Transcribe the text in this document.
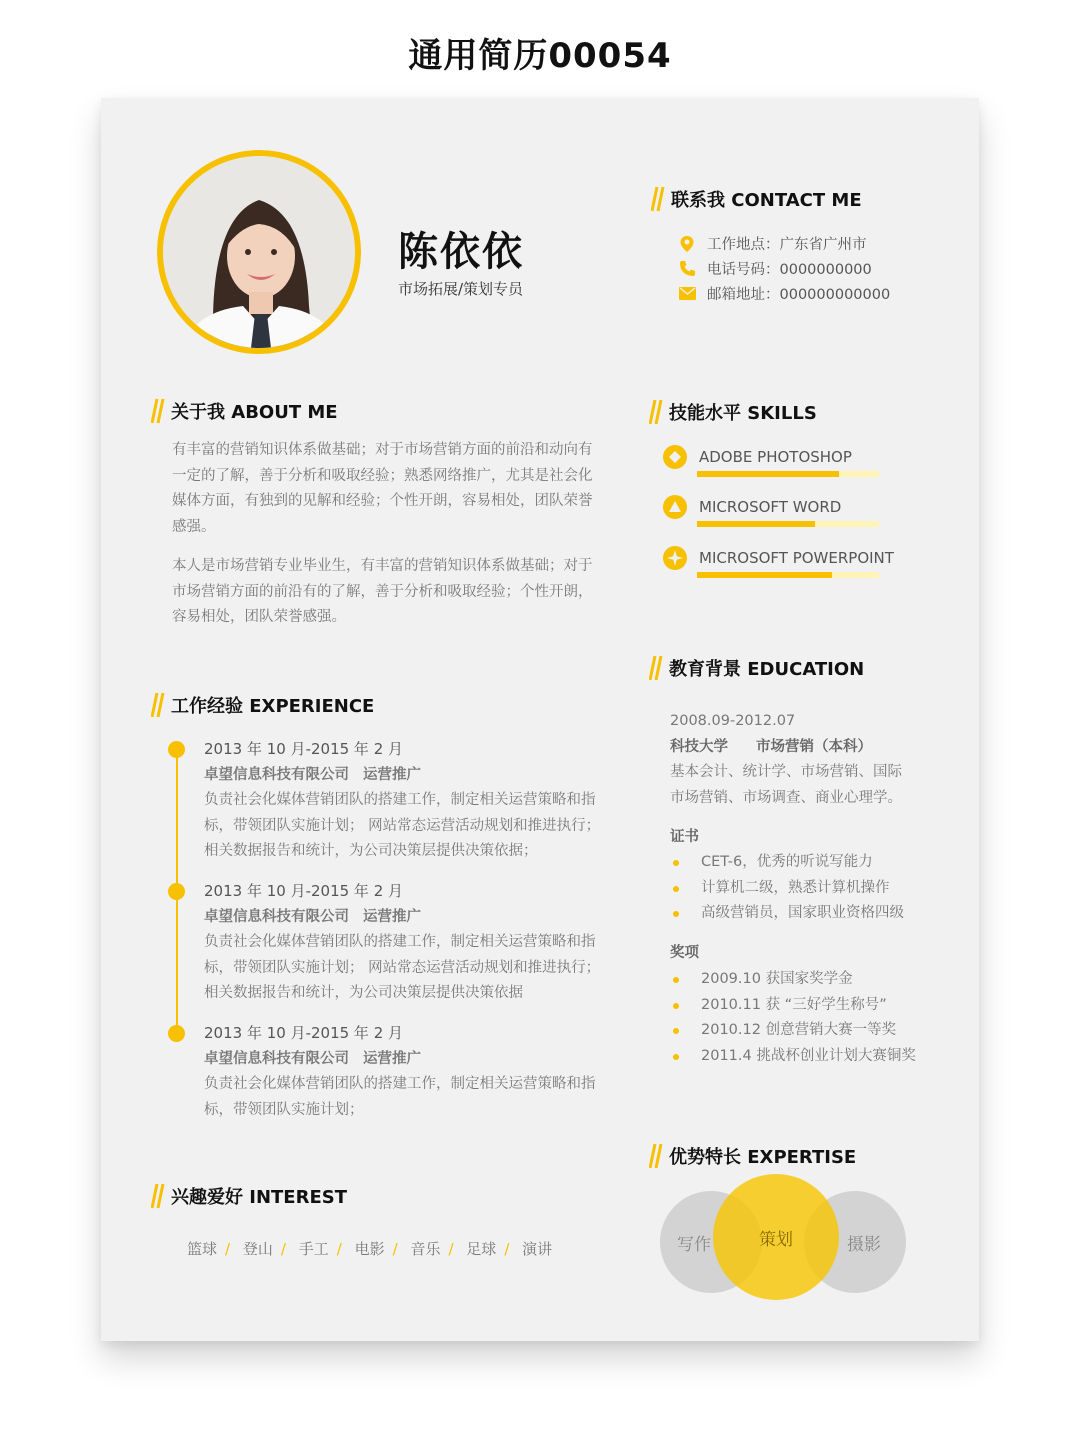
通用简历00054
陈依依
市场拓展/策划专员
联系我 CONTACT ME
工作地点：广东省广州市
电话号码：0000000000
邮箱地址：000000000000
关于我 ABOUT ME

有丰富的营销知识体系做基础；对于市场营销方面的前沿和动向有一定的了解，善于分析和吸取经验；熟悉网络推广，尤其是社会化媒体方面，有独到的见解和经验；个性开朗，容易相处，团队荣誉感强。

本人是市场营销专业毕业生，有丰富的营销知识体系做基础；对于市场营销方面的前沿有的了解，善于分析和吸取经验；个性开朗，容易相处，团队荣誉感强。

技能水平 SKILLS
ADOBE PHOTOSHOP
MICROSOFT WORD
MICROSOFT POWERPOINT
工作经验 EXPERIENCE
2013 年 10 月-2015 年 2 月
卓望信息科技有限公司 运营推广
负责社会化媒体营销团队的搭建工作，制定相关运营策略和指
标，带领团队实施计划； 网站常态运营活动规划和推进执行；
相关数据报告和统计，为公司决策层提供决策依据；
2013 年 10 月-2015 年 2 月
卓望信息科技有限公司 运营推广
负责社会化媒体营销团队的搭建工作，制定相关运营策略和指
标，带领团队实施计划； 网站常态运营活动规划和推进执行；
相关数据报告和统计，为公司决策层提供决策依据
2013 年 10 月-2015 年 2 月
卓望信息科技有限公司 运营推广
负责社会化媒体营销团队的搭建工作，制定相关运营策略和指
标，带领团队实施计划；
教育背景 EDUCATION
2008.09-2012.07
科技大学 市场营销（本科）
基本会计、统计学、市场营销、国际
市场营销、市场调查、商业心理学。
证书
CET-6，优秀的听说写能力
计算机二级，熟悉计算机操作
高级营销员，国家职业资格四级
奖项
2009.10 获国家奖学金
2010.11 获 “三好学生称号”
2010.12 创意营销大赛一等奖
2011.4 挑战杯创业计划大赛铜奖
兴趣爱好 INTEREST
篮球 / 登山 / 手工 / 电影 / 音乐 / 足球 / 演讲
优势特长 EXPERTISE
写作	摄影
策划
